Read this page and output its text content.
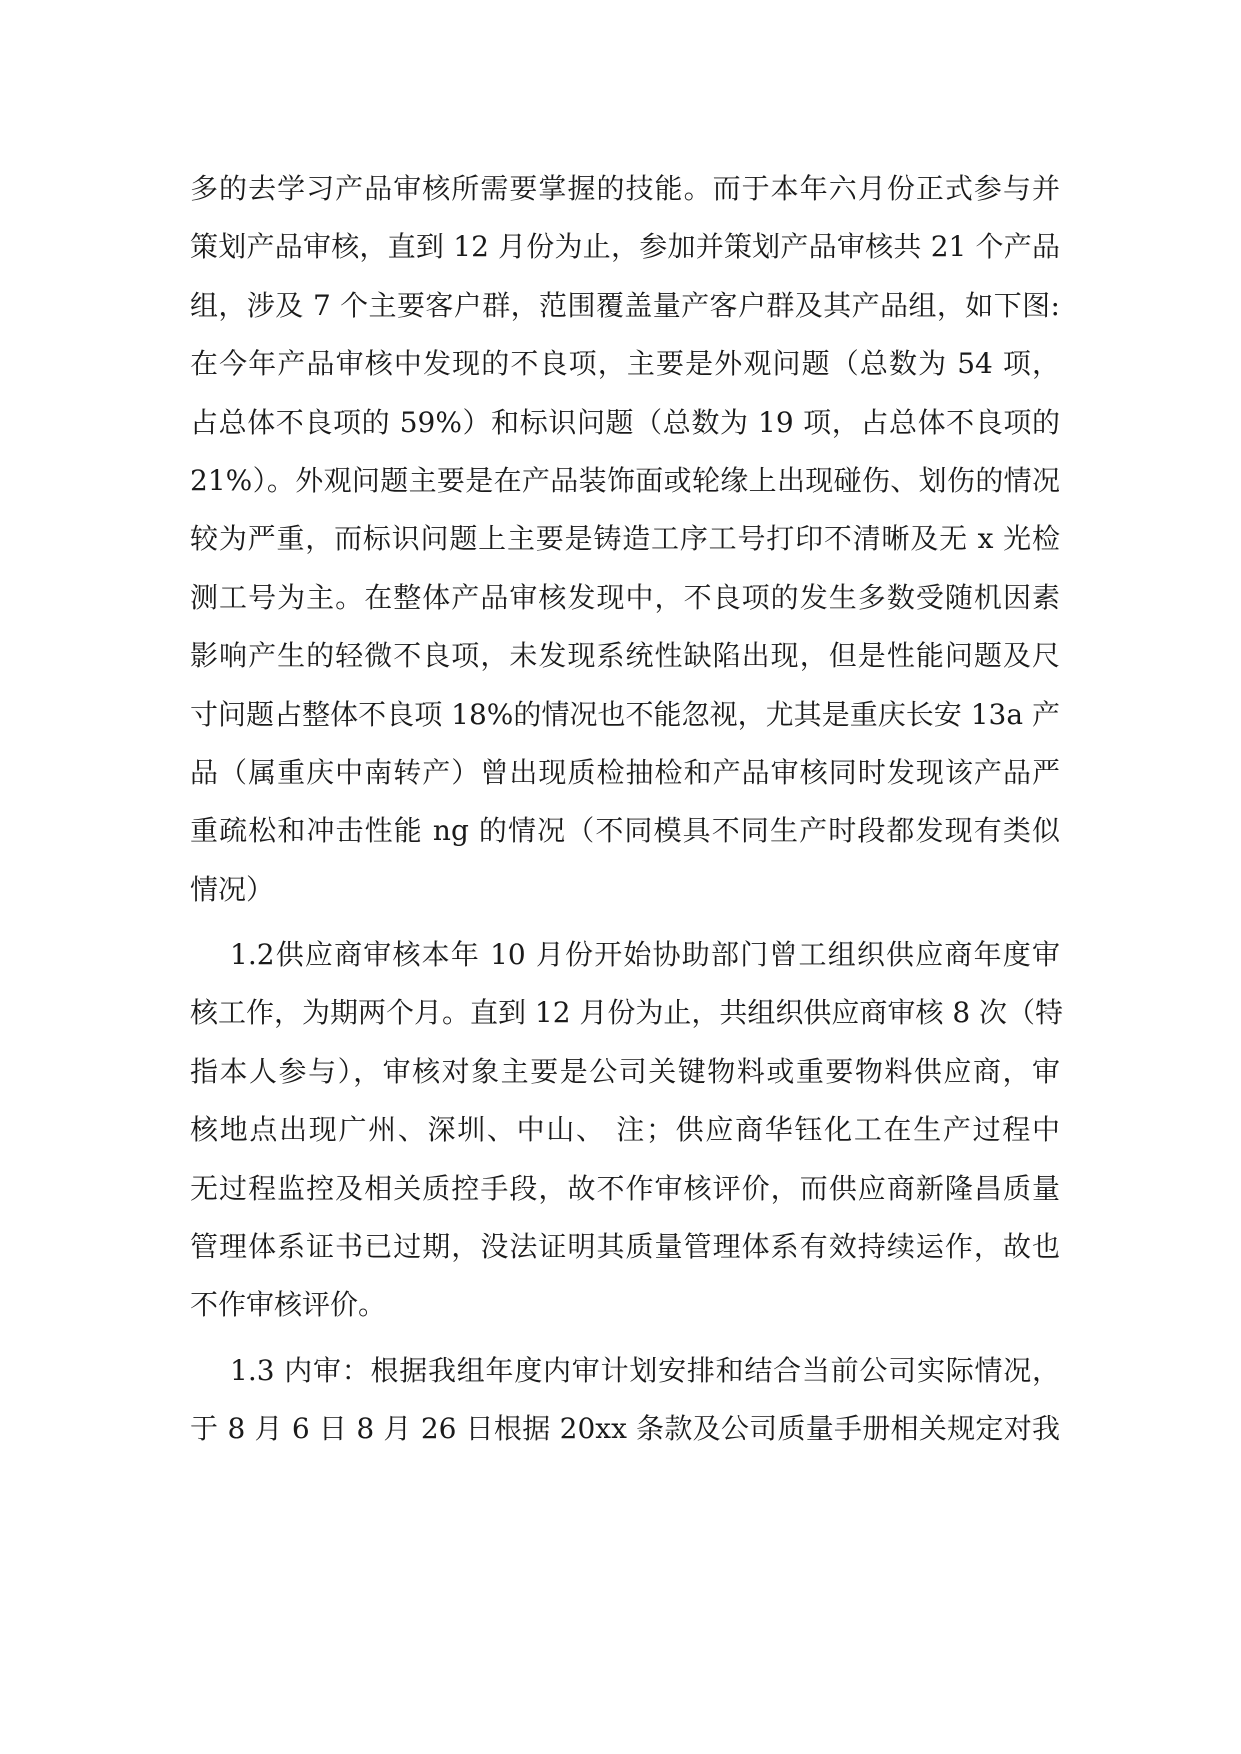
多的去学习产品审核所需要掌握的技能。而于本年六月份正式参与并
策划产品审核，直到 12 月份为止，参加并策划产品审核共 21 个产品
组，涉及 7 个主要客户群，范围覆盖量产客户群及其产品组，如下图:
在今年产品审核中发现的不良项，主要是外观问题（总数为 54 项，
占总体不良项的 59%）和标识问题（总数为 19 项，占总体不良项的
21%）。外观问题主要是在产品装饰面或轮缘上出现碰伤、划伤的情况
较为严重，而标识问题上主要是铸造工序工号打印不清晰及无 x 光检
测工号为主。在整体产品审核发现中，不良项的发生多数受随机因素
影响产生的轻微不良项，未发现系统性缺陷出现，但是性能问题及尺
寸问题占整体不良项 18%的情况也不能忽视，尤其是重庆长安 13a 产
品（属重庆中南转产）曾出现质检抽检和产品审核同时发现该产品严
重疏松和冲击性能 ng 的情况（不同模具不同生产时段都发现有类似
情况）
1.2供应商审核本年 10 月份开始协助部门曾工组织供应商年度审
核工作，为期两个月。直到 12 月份为止，共组织供应商审核 8 次（特
指本人参与），审核对象主要是公司关键物料或重要物料供应商，审
核地点出现广州、深圳、中山、 注；供应商华钰化工在生产过程中
无过程监控及相关质控手段，故不作审核评价，而供应商新隆昌质量
管理体系证书已过期，没法证明其质量管理体系有效持续运作，故也
不作审核评价。
1.3 内审：根据我组年度内审计划安排和结合当前公司实际情况，
于 8 月 6 日 8 月 26 日根据 20xx 条款及公司质量手册相关规定对我
